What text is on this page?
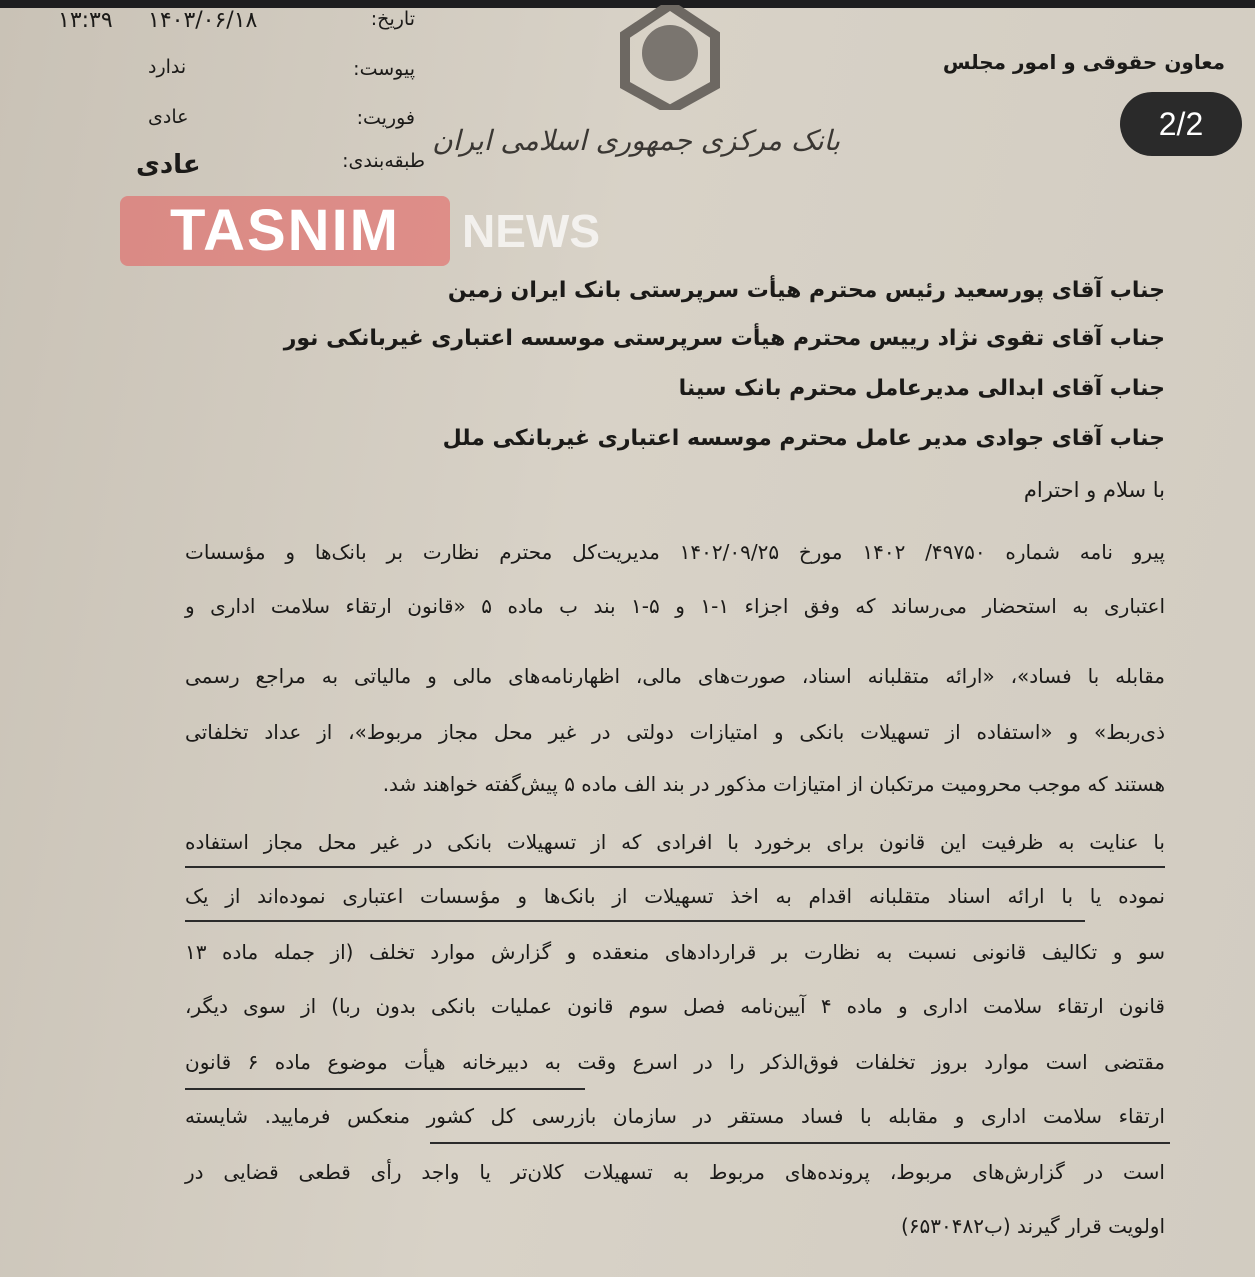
تاریخ:
۱۴۰۳/۰۶/۱۸
۱۳:۳۹
پیوست:
ندارد
فوریت:
عادی
طبقه‌بندی:
عادی
بانک مرکزی جمهوری اسلامی ایران
معاون حقوقی و امور مجلس
2/2
TASNIM	NEWS
جناب آقای پورسعید رئیس محترم هیأت سرپرستی بانک ایران زمین
جناب آقای تقوی نژاد رییس محترم هیأت سرپرستی موسسه اعتباری غیربانکی نور
جناب آقای ابدالی مدیرعامل محترم بانک سینا
جناب آقای جوادی مدیر عامل محترم موسسه اعتباری غیربانکی ملل
با سلام و احترام
پیرو نامه شماره ۴۹۷۵۰/ ۱۴۰۲ مورخ ۱۴۰۲/۰۹/۲۵ مدیریت‌کل محترم نظارت بر بانک‌ها و مؤسسات
اعتباری به استحضار می‌رساند که وفق اجزاء ۱-۱ و ۵-۱ بند ب ماده ۵ «قانون ارتقاء سلامت اداری و
مقابله با فساد»، «ارائه متقلبانه اسناد، صورت‌های مالی، اظهارنامه‌های مالی و مالیاتی به مراجع رسمی
ذی‌ربط» و «استفاده از تسهیلات بانکی و امتیازات دولتی در غیر محل مجاز مربوط»، از عداد تخلفاتی
هستند که موجب محرومیت مرتکبان از امتیازات مذکور در بند الف ماده ۵ پیش‌گفته خواهند شد.
با عنایت به ظرفیت این قانون برای برخورد با افرادی که از تسهیلات بانکی در غیر محل مجاز استفاده
نموده یا با ارائه اسناد متقلبانه اقدام به اخذ تسهیلات از بانک‌ها و مؤسسات اعتباری نموده‌اند از یک
سو و تکالیف قانونی نسبت به نظارت بر قراردادهای منعقده و گزارش موارد تخلف (از جمله ماده ۱۳
قانون ارتقاء سلامت اداری و ماده ۴ آیین‌نامه فصل سوم قانون عملیات بانکی بدون ربا) از سوی دیگر،
مقتضی است موارد بروز تخلفات فوق‌الذکر را در اسرع وقت به دبیرخانه هیأت موضوع ماده ۶ قانون
ارتقاء سلامت اداری و مقابله با فساد مستقر در سازمان بازرسی کل کشور منعکس فرمایید. شایسته
است در گزارش‌های مربوط، پرونده‌های مربوط به تسهیلات کلان‌تر یا واجد رأی قطعی قضایی در
اولویت قرار گیرند (ب۶۵۳۰۴۸۲)
